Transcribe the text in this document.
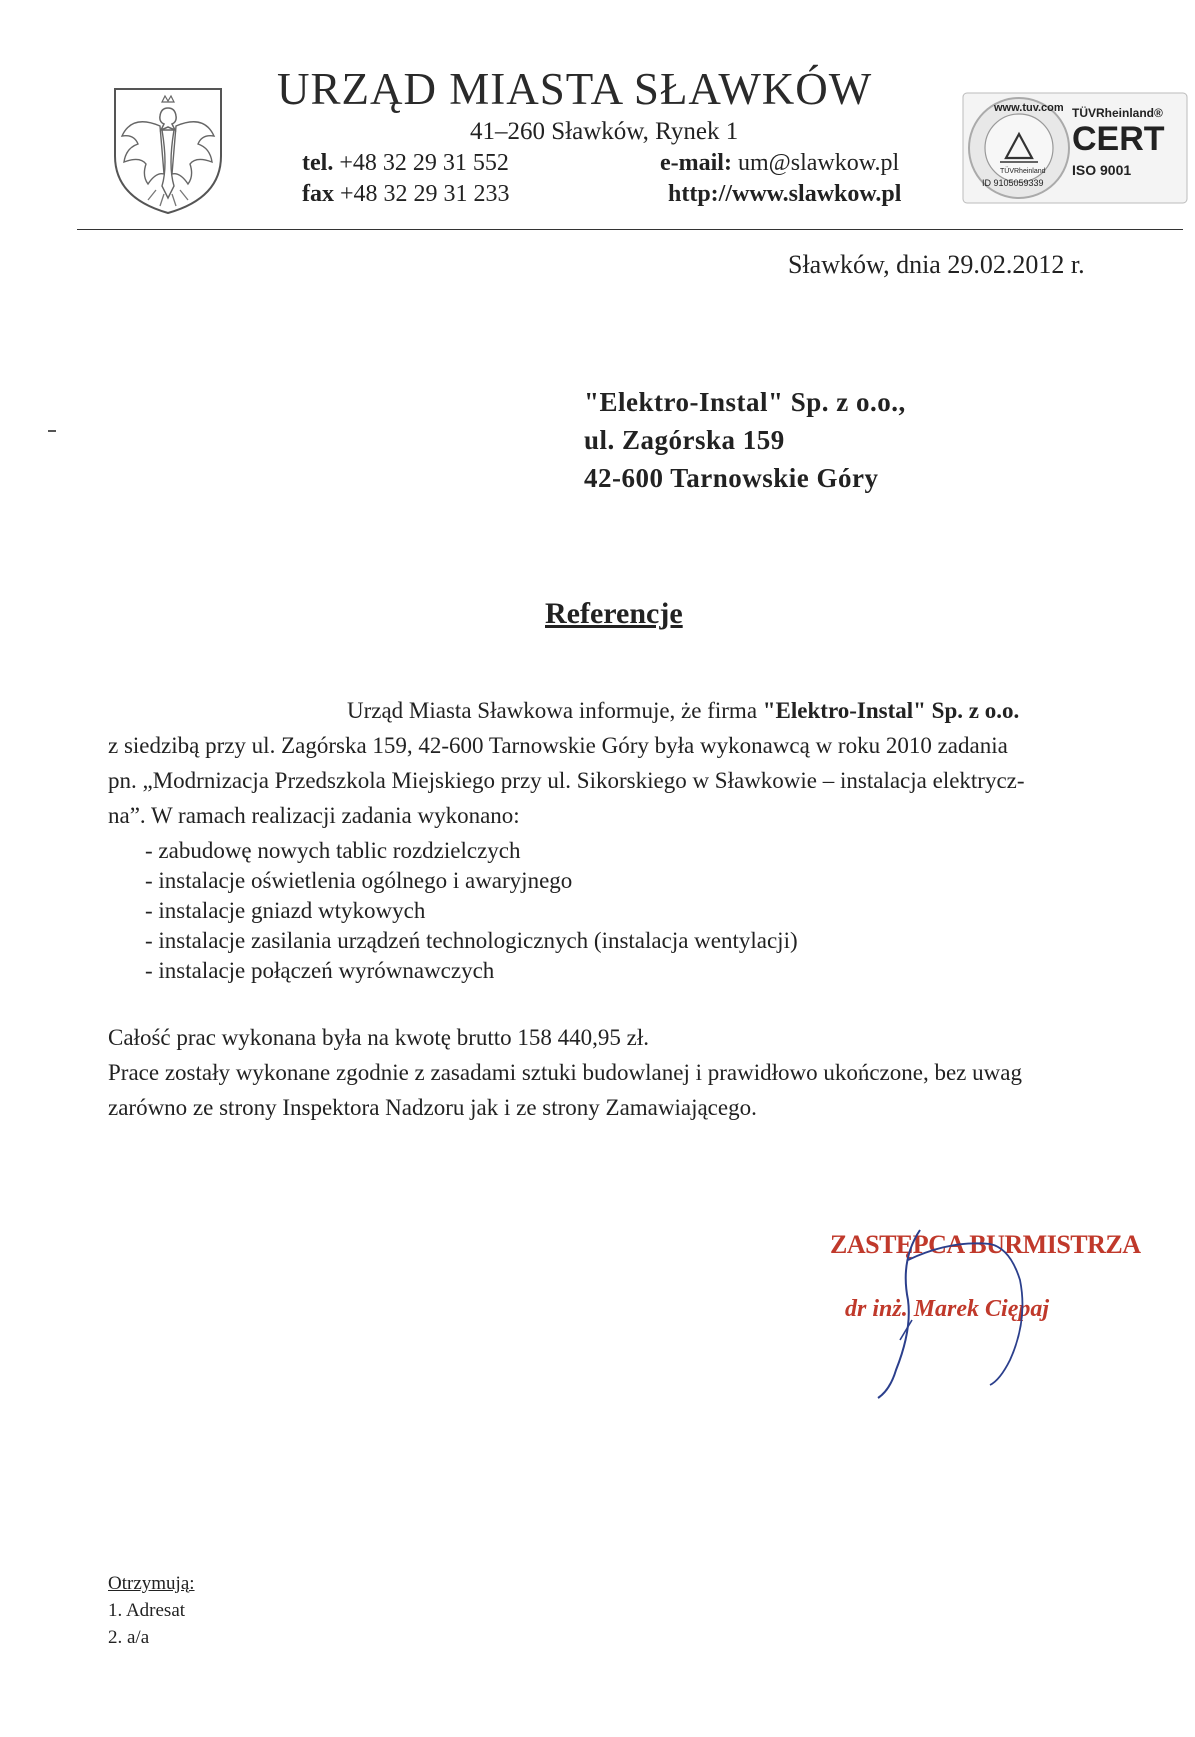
URZĄD MIASTA SŁAWKÓW
41–260 Sławków, Rynek 1
tel. +48 32 29 31 552
fax +48 32 29 31 233
e-mail: um@slawkow.pl
http://www.slawkow.pl
www.tuv.com
ID 9105059339
TÜVRheinland
TÜVRheinland®
CERT
ISO 9001
Sławków, dnia 29.02.2012 r.
"Elektro-Instal" Sp. z o.o.,
ul. Zagórska 159
42-600 Tarnowskie Góry
Referencje
Urząd Miasta Sławkowa informuje, że firma "Elektro-Instal" Sp. z o.o.
z siedzibą przy ul. Zagórska 159, 42-600 Tarnowskie Góry była wykonawcą w roku 2010 zadania
pn. „Modrnizacja Przedszkola Miejskiego przy ul. Sikorskiego w Sławkowie – instalacja elektrycz-
na”. W ramach realizacji zadania wykonano:
- zabudowę nowych tablic rozdzielczych
- instalacje oświetlenia ogólnego i awaryjnego
- instalacje gniazd wtykowych
- instalacje zasilania urządzeń technologicznych (instalacja wentylacji)
- instalacje połączeń wyrównawczych
Całość prac wykonana była na kwotę brutto 158 440,95 zł.
Prace zostały wykonane zgodnie z zasadami sztuki budowlanej i prawidłowo ukończone, bez uwag
zarówno ze strony Inspektora Nadzoru jak i ze strony Zamawiającego.
ZASTĘPCA BURMISTRZA
dr inż. Marek Ciępaj
Otrzymują:
1. Adresat
2. a/a
